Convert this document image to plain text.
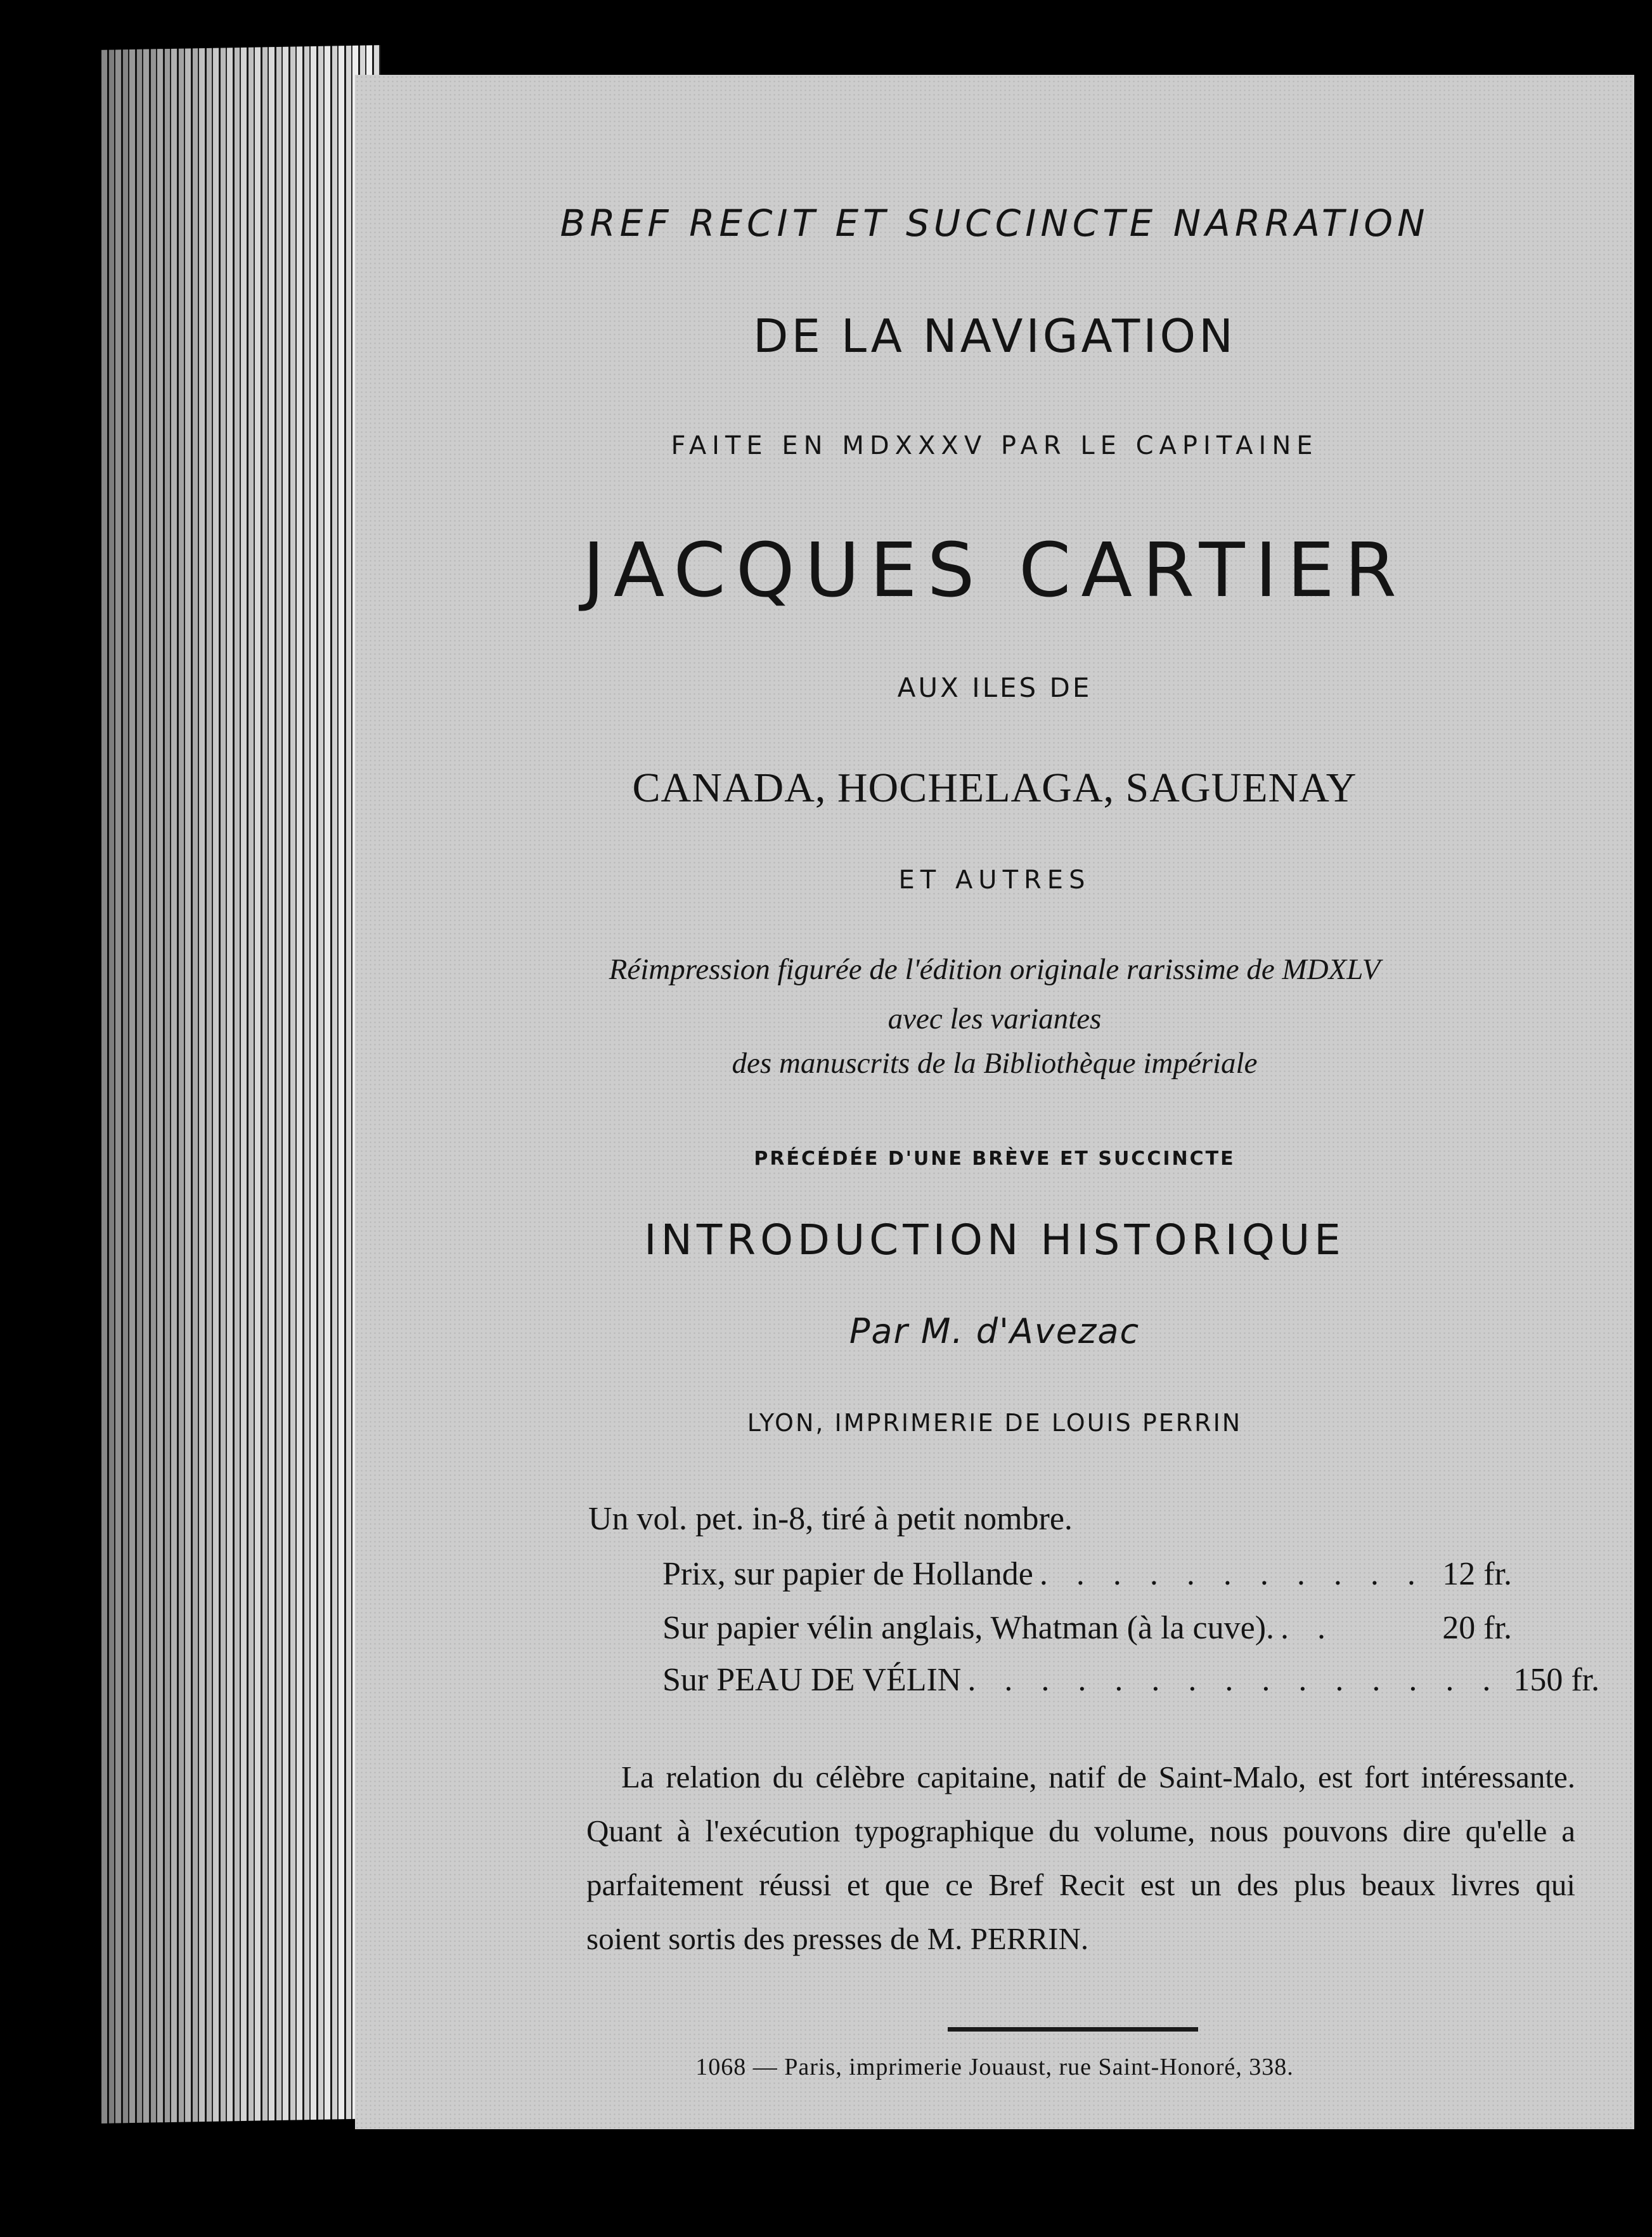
BREF RECIT ET SUCCINCTE NARRATION

DE LA NAVIGATION

FAITE EN MDXXXV PAR LE CAPITAINE

JACQUES CARTIER

AUX ILES DE

CANADA, HOCHELAGA, SAGUENAY

ET AUTRES

Réimpression figurée de l'édition originale rarissime de MDXLV

avec les variantes

des manuscrits de la Bibliothèque impériale

PRÉCÉDÉE D'UNE BRÈVE ET SUCCINCTE

INTRODUCTION HISTORIQUE

Par M. d'Avezac

LYON, IMPRIMERIE DE LOUIS PERRIN

Un vol. pet. in-8, tiré à petit nombre.

Prix, sur papier de Hollande . . . . . . . . . . . 12 fr.
Sur papier vélin anglais, Whatman (à la cuve). . .	20 fr.
Sur PEAU DE VÉLIN . . . . . . . . . . . . . . . 150 fr.
La relation du célèbre capitaine, natif de Saint-Malo, est fort intéressante.
Quant à l'exécution typographique du volume, nous pouvons dire qu'elle a
parfaitement réussi et que ce Bref Recit est un des plus beaux livres qui
soient sortis des presses de M. PERRIN.

1068 — Paris, imprimerie Jouaust, rue Saint-Honoré, 338.
